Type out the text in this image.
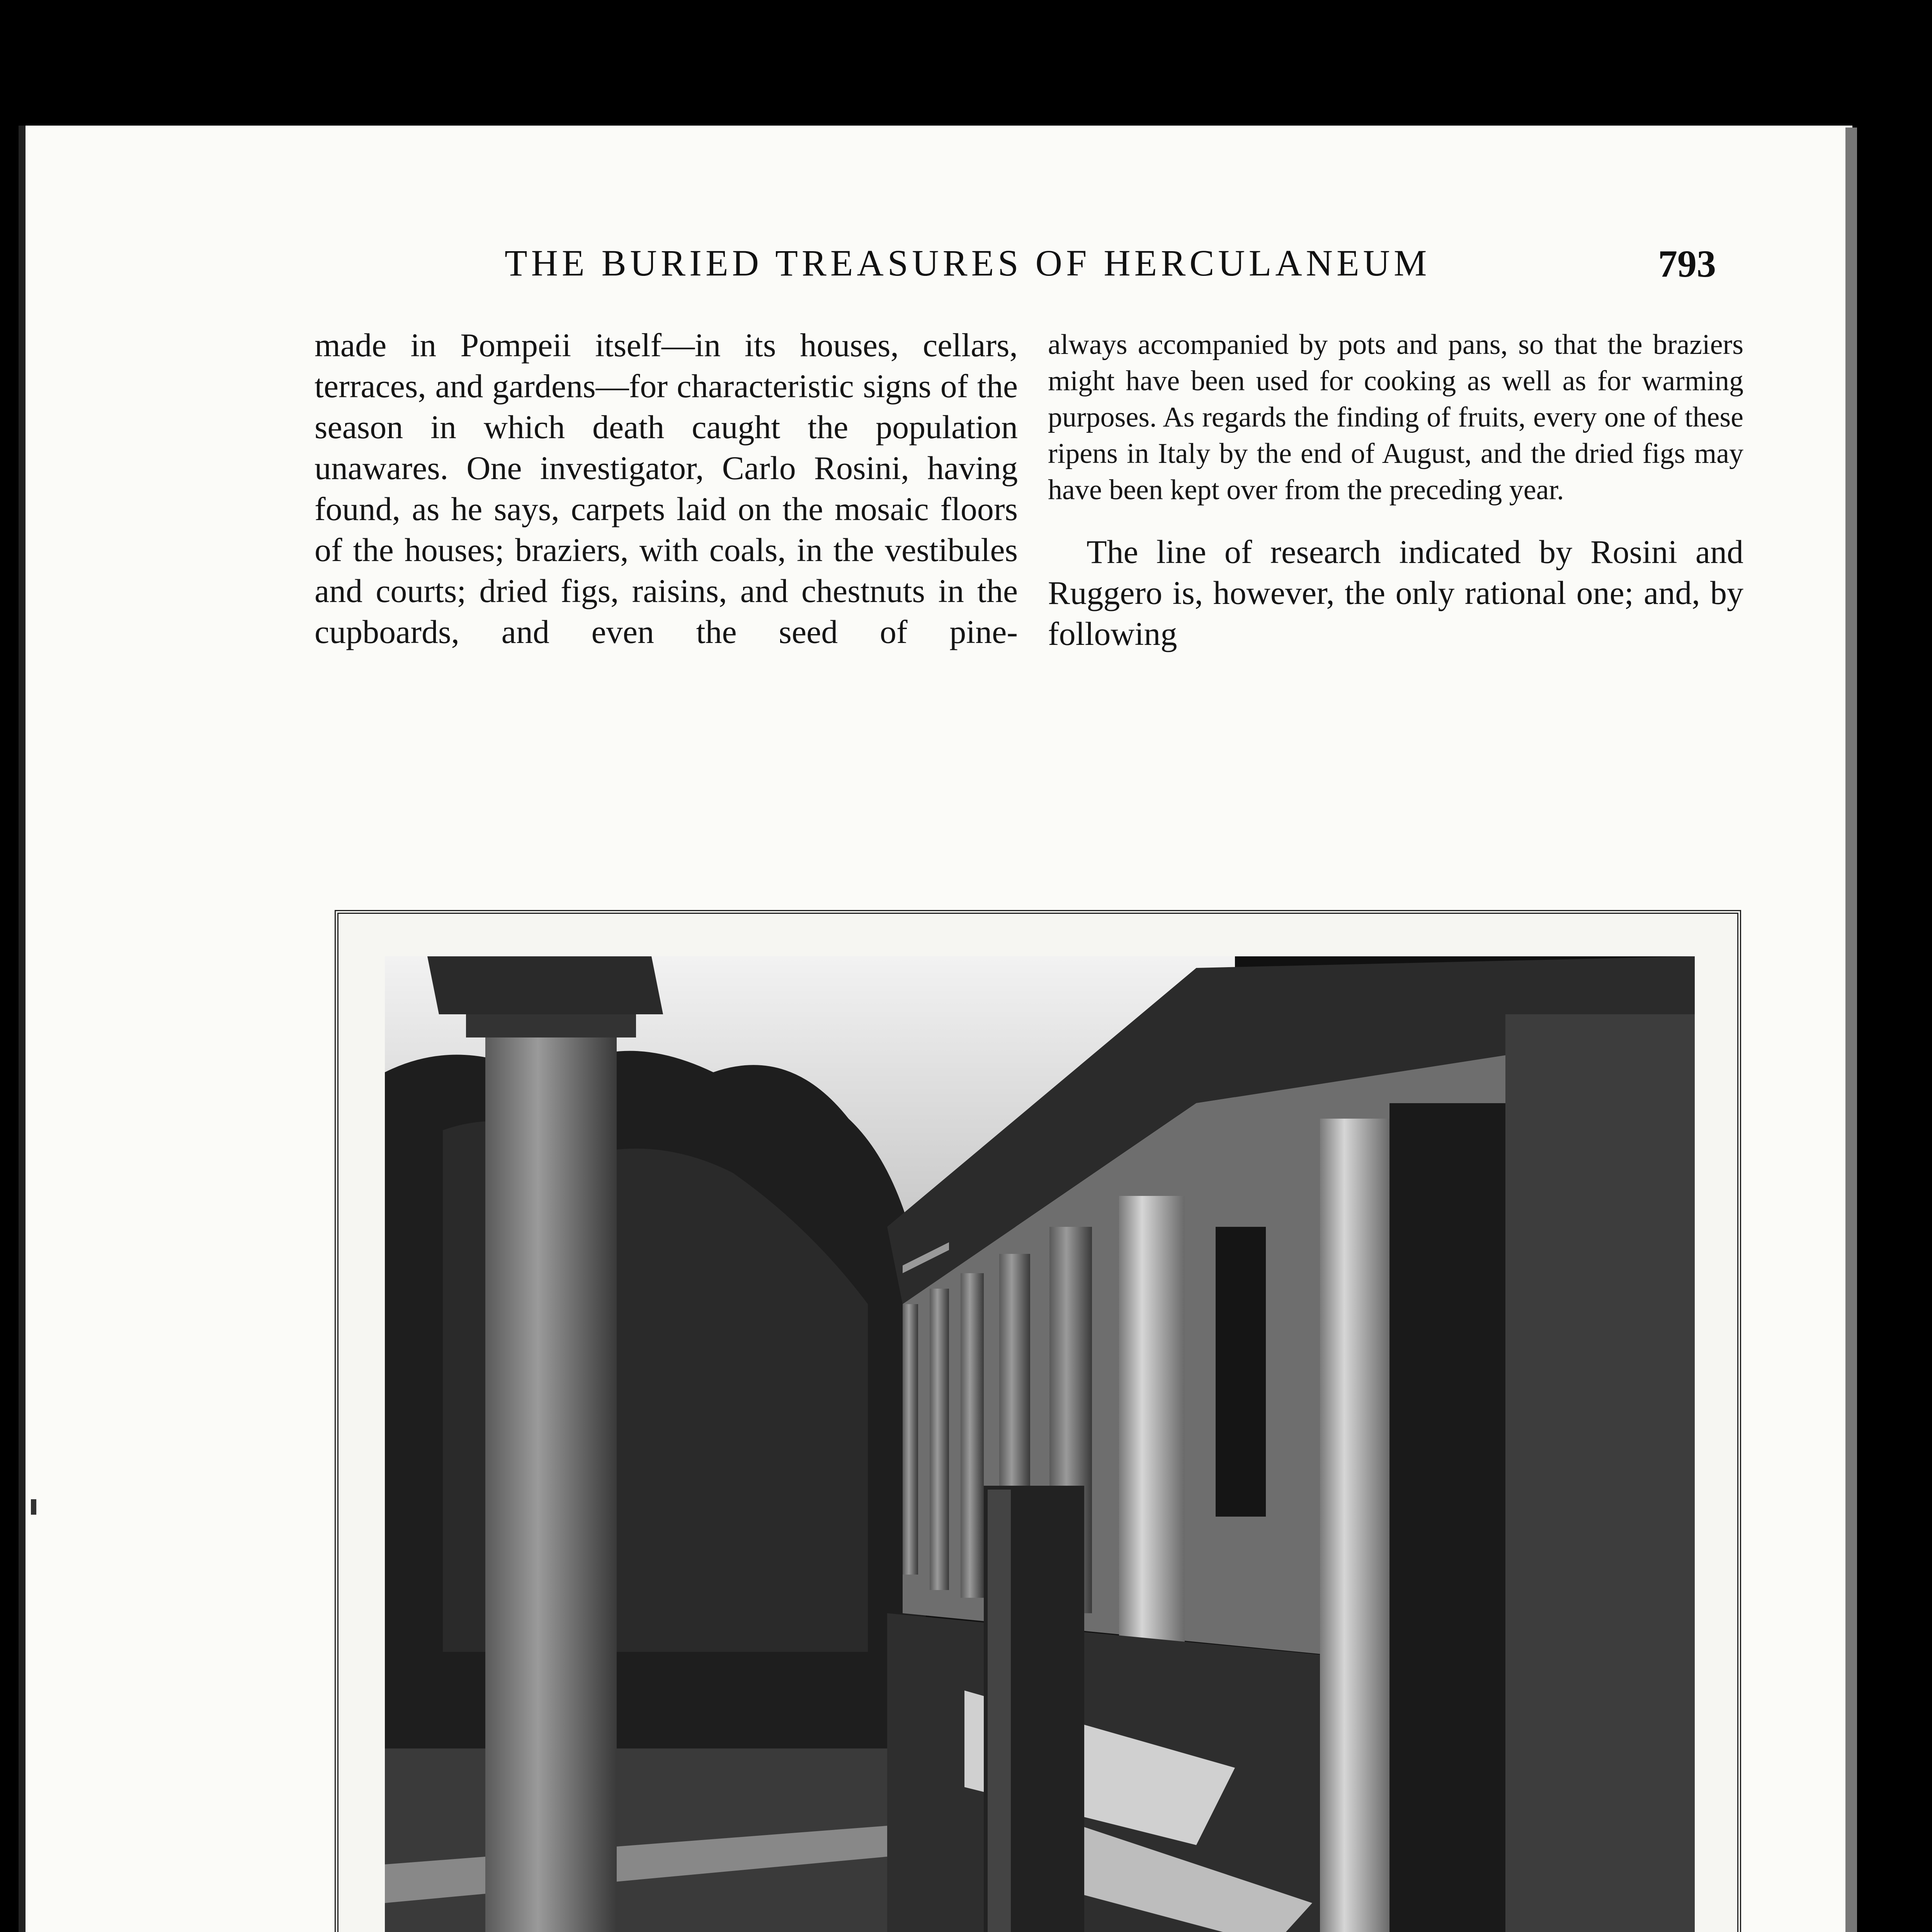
THE BURIED TREASURES OF HERCULANEUM	793

made in Pompeii itself—in its houses, cellars, terraces, and gardens—for characteristic signs of the season in which death caught the population unawares. One investigator, Carlo Rosini, having found, as he says, carpets laid on the mosaic floors of the houses; braziers, with coals, in the vestibules and courts; dried figs, raisins, and chestnuts in the cupboards, and even the seed of pine-

always accompanied by pots and pans, so that the braziers might have been used for cooking as well as for warming purposes. As regards the finding of fruits, every one of these ripens in Italy by the end of August, and the dried figs may have been kept over from the preceding year.

The line of research indicated by Rosini and Ruggero is, however, the only rational one; and, by following
